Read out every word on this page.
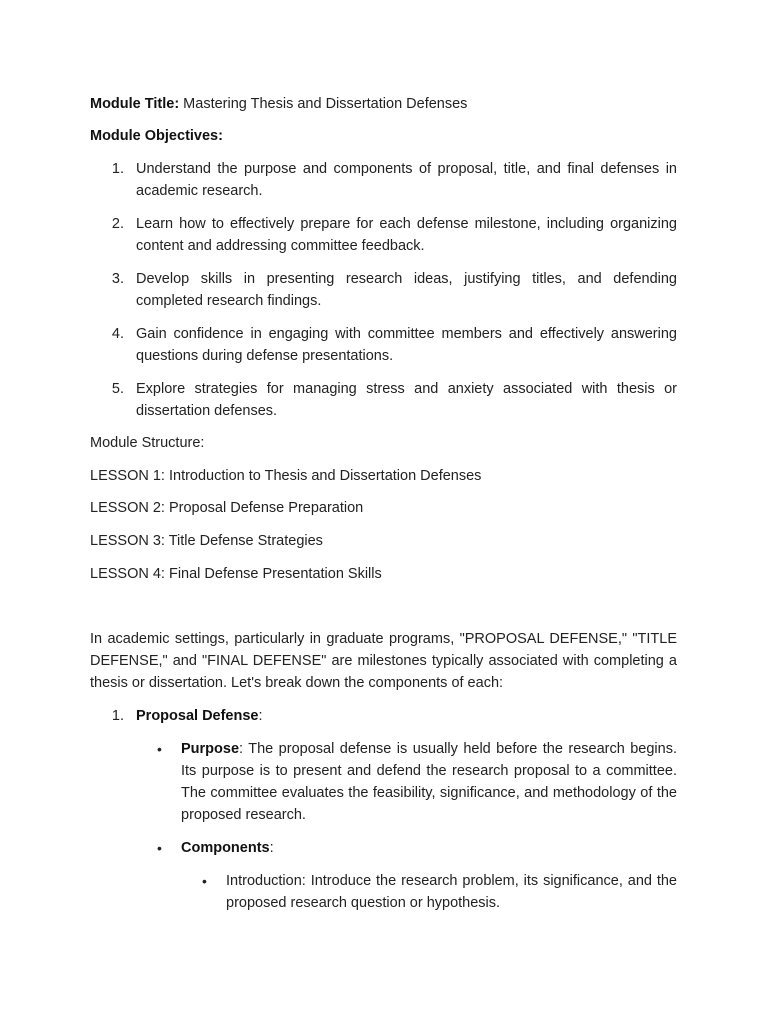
Module Title: Mastering Thesis and Dissertation Defenses

Module Objectives:

1. Understand the purpose and components of proposal, title, and final defenses in academic research.

2. Learn how to effectively prepare for each defense milestone, including organizing content and addressing committee feedback.

3. Develop skills in presenting research ideas, justifying titles, and defending completed research findings.

4. Gain confidence in engaging with committee members and effectively answering questions during defense presentations.

5. Explore strategies for managing stress and anxiety associated with thesis or dissertation defenses.

Module Structure:

LESSON 1: Introduction to Thesis and Dissertation Defenses

LESSON 2: Proposal Defense Preparation

LESSON 3: Title Defense Strategies

LESSON 4: Final Defense Presentation Skills

In academic settings, particularly in graduate programs, "PROPOSAL DEFENSE," "TITLE DEFENSE," and "FINAL DEFENSE" are milestones typically associated with completing a thesis or dissertation. Let's break down the components of each:

1. Proposal Defense:

• Purpose: The proposal defense is usually held before the research begins. Its purpose is to present and defend the research proposal to a committee. The committee evaluates the feasibility, significance, and methodology of the proposed research.

• Components:

• Introduction: Introduce the research problem, its significance, and the proposed research question or hypothesis.
